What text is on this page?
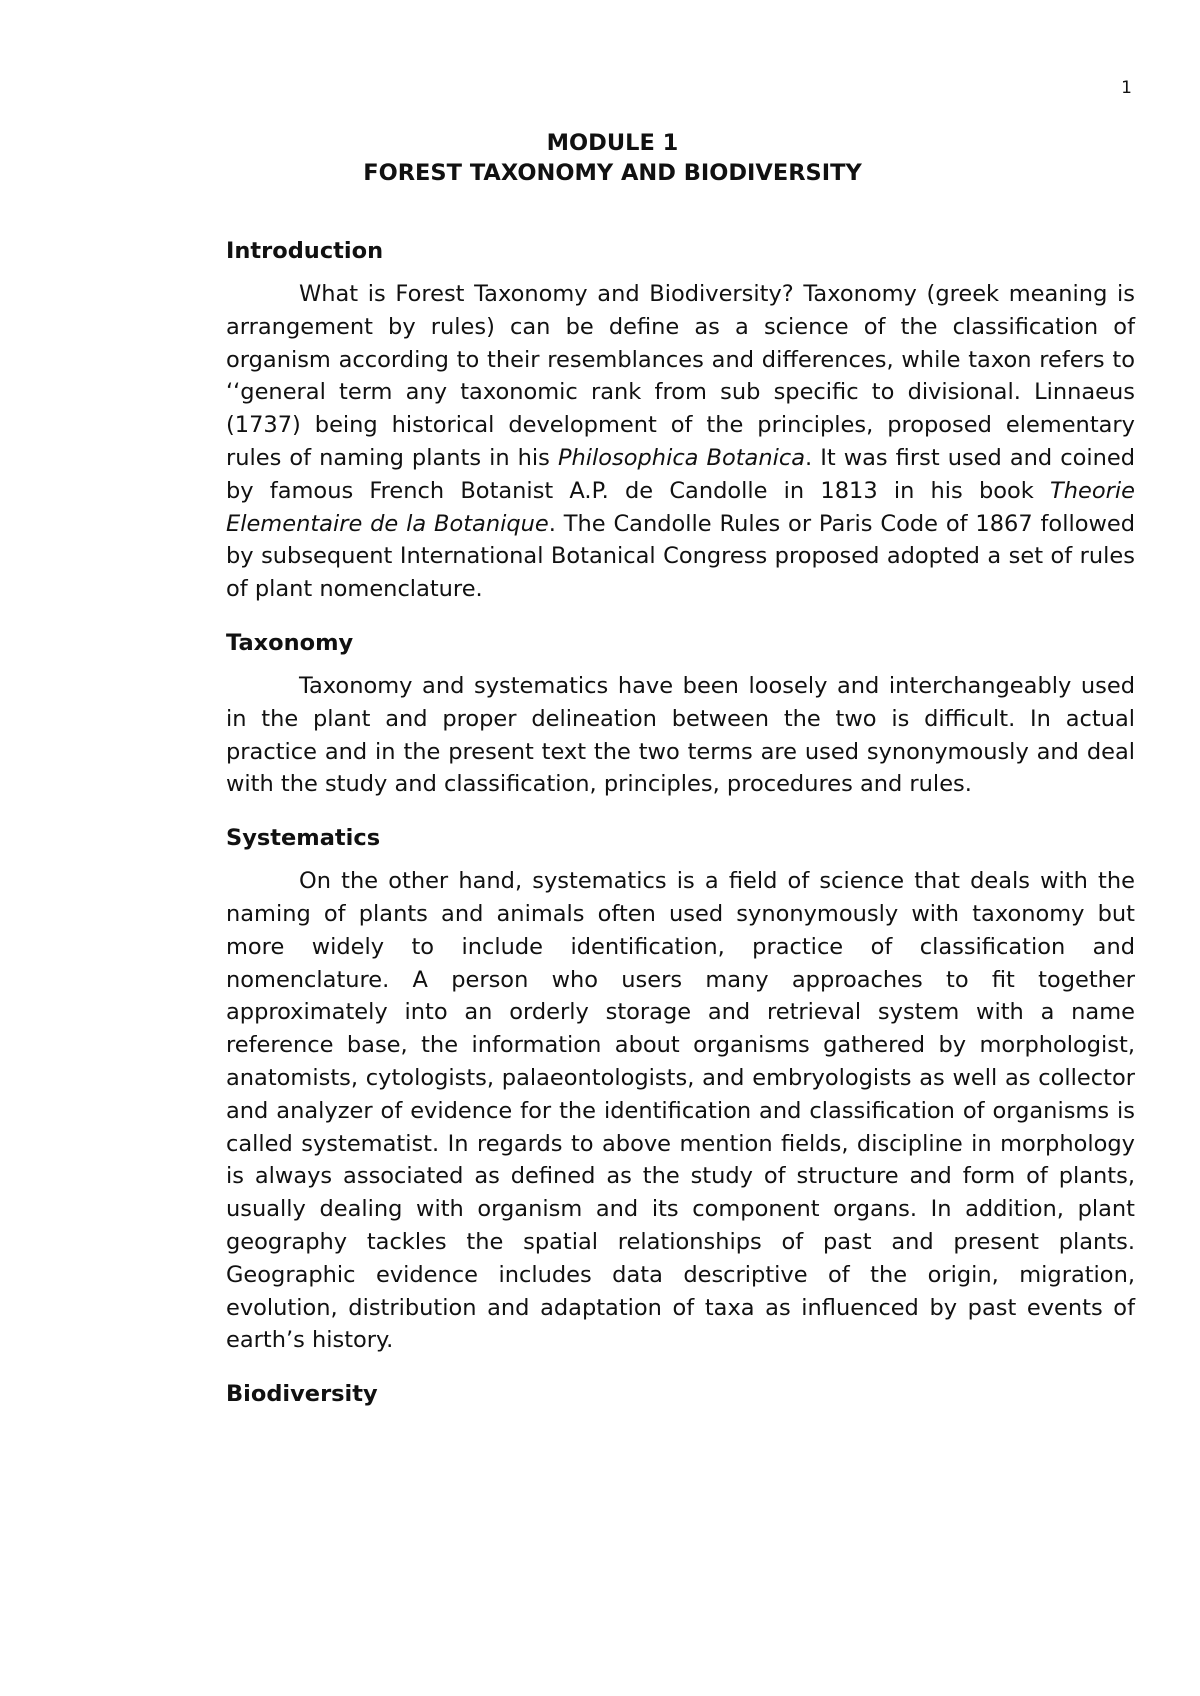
1
MODULE 1
FOREST TAXONOMY AND BIODIVERSITY
Introduction

What is Forest Taxonomy and Biodiversity? Taxonomy (greek meaning is arrangement by rules) can be define as a science of the classification of organism according to their resemblances and differences, while taxon refers to ‘‘general term any taxonomic rank from sub specific to divisional. Linnaeus (1737) being historical development of the principles, proposed elementary rules of naming plants in his Philosophica Botanica. It was first used and coined by famous French Botanist A.P. de Candolle in 1813 in his book Theorie Elementaire de la Botanique. The Candolle Rules or Paris Code of 1867 followed by subsequent International Botanical Congress proposed adopted a set of rules of plant nomenclature.

Taxonomy

Taxonomy and systematics have been loosely and interchangeably used in the plant and proper delineation between the two is difficult. In actual practice and in the present text the two terms are used synonymously and deal with the study and classification, principles, procedures and rules.

Systematics

On the other hand, systematics is a field of science that deals with the naming of plants and animals often used synonymously with taxonomy but more widely to include identification, practice of classification and nomenclature. A person who users many approaches to fit together approximately into an orderly storage and retrieval system with a name reference base, the information about organisms gathered by morphologist, anatomists, cytologists, palaeontologists, and embryologists as well as collector and analyzer of evidence for the identification and classification of organisms is called systematist. In regards to above mention fields, discipline in morphology is always associated as defined as the study of structure and form of plants, usually dealing with organism and its component organs. In addition, plant geography tackles the spatial relationships of past and present plants. Geographic evidence includes data descriptive of the origin, migration, evolution, distribution and adaptation of taxa as influenced by past events of earth’s history.

Biodiversity
